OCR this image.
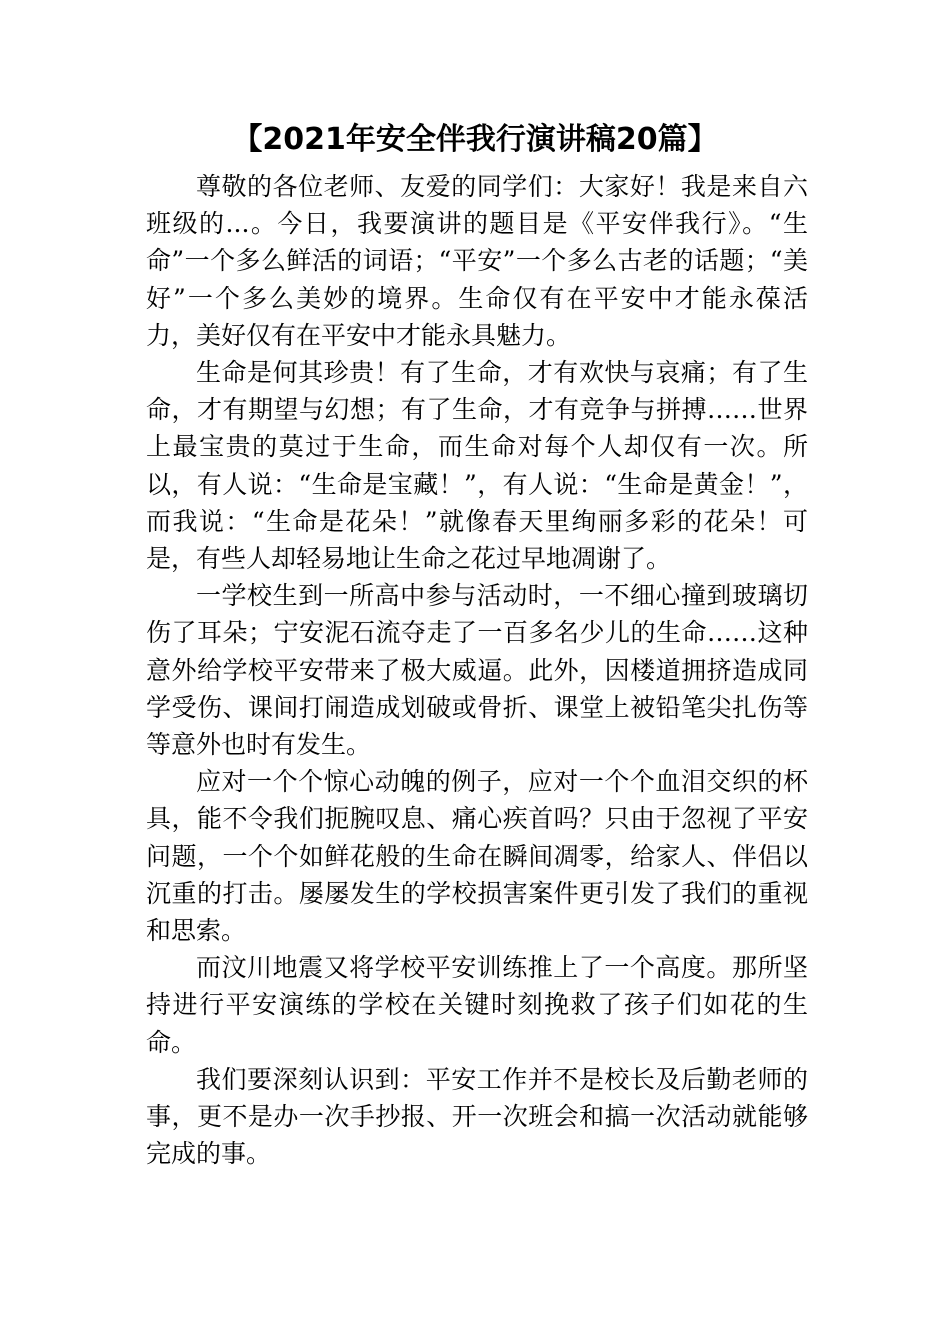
【2021年安全伴我行演讲稿20篇】

尊敬的各位老师、友爱的同学们：大家好！我是来自六班级的...。今日，我要演讲的题目是《平安伴我行》。“生命”一个多么鲜活的词语；“平安”一个多么古老的话题；“美好”一个多么美妙的境界。生命仅有在平安中才能永葆活力，美好仅有在平安中才能永具魅力。

生命是何其珍贵！有了生命，才有欢快与哀痛；有了生命，才有期望与幻想；有了生命，才有竞争与拼搏……世界上最宝贵的莫过于生命，而生命对每个人却仅有一次。所以，有人说：“生命是宝藏！”，有人说：“生命是黄金！”，而我说：“生命是花朵！”就像春天里绚丽多彩的花朵！可是，有些人却轻易地让生命之花过早地凋谢了。

一学校生到一所高中参与活动时，一不细心撞到玻璃切伤了耳朵；宁安泥石流夺走了一百多名少儿的生命……这种意外给学校平安带来了极大威逼。此外，因楼道拥挤造成同学受伤、课间打闹造成划破或骨折、课堂上被铅笔尖扎伤等等意外也时有发生。

应对一个个惊心动魄的例子，应对一个个血泪交织的杯具，能不令我们扼腕叹息、痛心疾首吗？只由于忽视了平安问题，一个个如鲜花般的生命在瞬间凋零，给家人、伴侣以沉重的打击。屡屡发生的学校损害案件更引发了我们的重视和思索。

而汶川地震又将学校平安训练推上了一个高度。那所坚持进行平安演练的学校在关键时刻挽救了孩子们如花的生命。

我们要深刻认识到：平安工作并不是校长及后勤老师的事，更不是办一次手抄报、开一次班会和搞一次活动就能够完成的事。
